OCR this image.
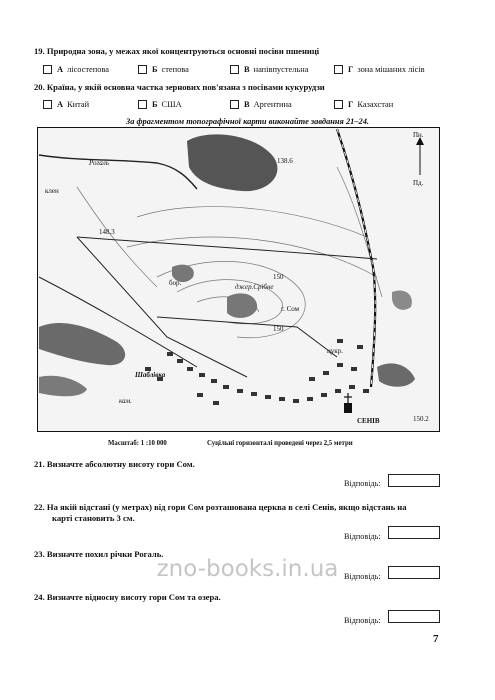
19. Природна зона, у межах якої концентруються основні посіви пшениці
А лісостепова	Б степова	В напівпустельна	Г зона мішаних лісів
20. Країна, у якій основна частка зернових пов'язана з посівами кукурудзи
А Китай	Б США	В Аргентина	Г Казахстан
За фрагментом топографічної карти виконайте завдання 21–24.
Рогаль	138.6
148.3
Пн.
Пд.
бор.	джер.Срібне
г. Сом
Шаблівка
СЕНІВ	150.2
150
150
цукр.
кам.
клен
Масштаб: 1 :10 000	Суцільні горизонталі проведені через 2,5 метри
21. Визначте абсолютну висоту гори Сом.
Відповідь:
22. На якій відстані (у метрах) від гори Сом розташована церква в селі Сенів, якщо відстань на
карті становить 3 см.
Відповідь:
23. Визначте похил річки Рогаль.
Відповідь:
24. Визначте відносну висоту гори Сом та озера.
Відповідь:
zno-books.in.ua
7
